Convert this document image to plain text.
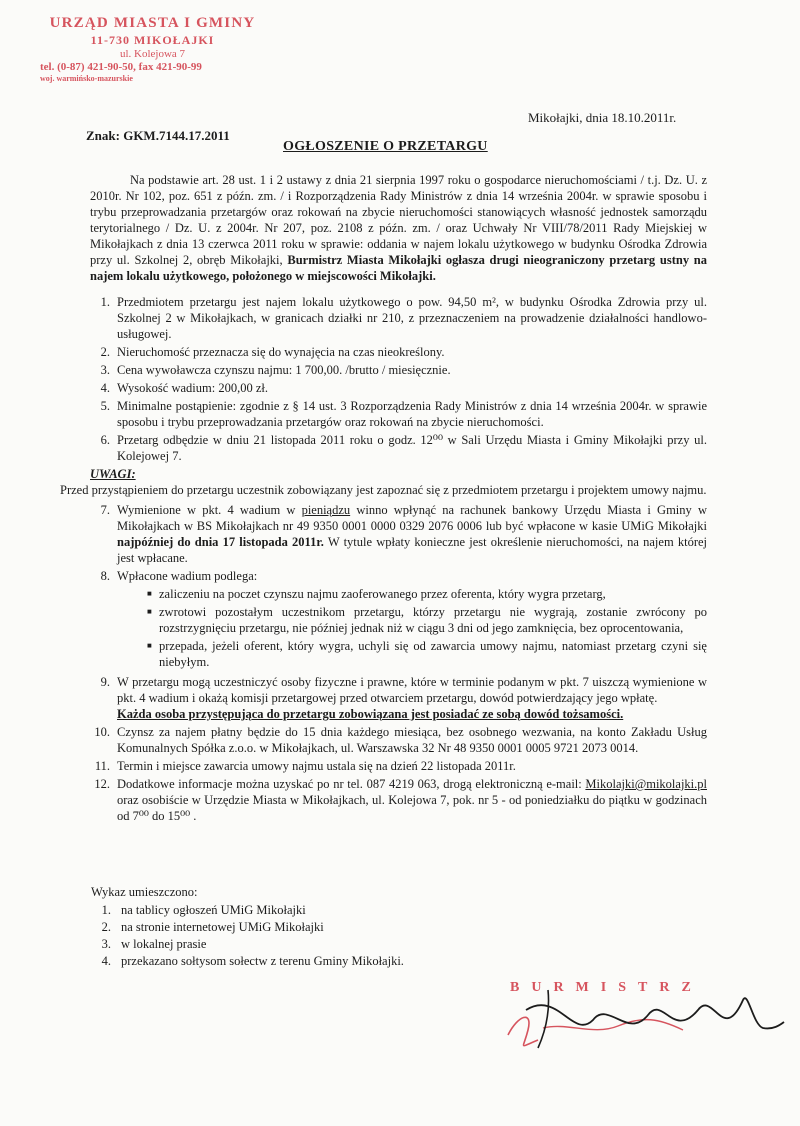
URZĄD MIASTA I GMINY
11-730 MIKOŁAJKI
ul. Kolejowa 7
tel. (0-87) 421-90-50, fax 421-90-99
woj. warmińsko-mazurskie
Mikołajki, dnia 18.10.2011r.
Znak: GKM.7144.17.2011
OGŁOSZENIE O PRZETARGU

Na podstawie art. 28 ust. 1 i 2 ustawy z dnia 21 sierpnia 1997 roku o gospodarce nieruchomościami / t.j. Dz. U. z 2010r. Nr 102, poz. 651 z późn. zm. / i Rozporządzenia Rady Ministrów z dnia 14 września 2004r. w sprawie sposobu i trybu przeprowadzania przetargów oraz rokowań na zbycie nieruchomości stanowiących własność jednostek samorządu terytorialnego / Dz. U. z 2004r. Nr 207, poz. 2108 z późn. zm. / oraz Uchwały Nr VIII/78/2011 Rady Miejskiej w Mikołajkach z dnia 13 czerwca 2011 roku w sprawie: oddania w najem lokalu użytkowego w budynku Ośrodka Zdrowia przy ul. Szkolnej 2, obręb Mikołajki, Burmistrz Miasta Mikołajki ogłasza drugi nieograniczony przetarg ustny na najem lokalu użytkowego, położonego w miejscowości Mikołajki.

1. Przedmiotem przetargu jest najem lokalu użytkowego o pow. 94,50 m², w budynku Ośrodka Zdrowia przy ul. Szkolnej 2 w Mikołajkach, w granicach działki nr 210, z przeznaczeniem na prowadzenie działalności handlowo-usługowej.
2. Nieruchomość przeznacza się do wynajęcia na czas nieokreślony.
3. Cena wywoławcza czynszu najmu: 1 700,00. /brutto / miesięcznie.
4. Wysokość wadium: 200,00 zł.
5. Minimalne postąpienie: zgodnie z § 14 ust. 3 Rozporządzenia Rady Ministrów z dnia 14 września 2004r. w sprawie sposobu i trybu przeprowadzania przetargów oraz rokowań na zbycie nieruchomości.
6. Przetarg odbędzie w dniu 21 listopada 2011 roku o godz. 12⁰⁰ w Sali Urzędu Miasta i Gminy Mikołajki przy ul. Kolejowej 7.
UWAGI:
Przed przystąpieniem do przetargu uczestnik zobowiązany jest zapoznać się z przedmiotem przetargu i projektem umowy najmu.
7. Wymienione w pkt. 4 wadium w pieniądzu winno wpłynąć na rachunek bankowy Urzędu Miasta i Gminy w Mikołajkach w BS Mikołajkach nr 49 9350 0001 0000 0329 2076 0006 lub być wpłacone w kasie UMiG Mikołajki najpóźniej do dnia 17 listopada 2011r. W tytule wpłaty konieczne jest określenie nieruchomości, na najem której jest wpłacane.
8. Wpłacone wadium podlega:
■ zaliczeniu na poczet czynszu najmu zaoferowanego przez oferenta, który wygra przetarg,
■ zwrotowi pozostałym uczestnikom przetargu, którzy przetargu nie wygrają, zostanie zwrócony po rozstrzygnięciu przetargu, nie później jednak niż w ciągu 3 dni od jego zamknięcia, bez oprocentowania,
■ przepada, jeżeli oferent, który wygra, uchyli się od zawarcia umowy najmu, natomiast przetarg czyni się niebyłym.
9. W przetargu mogą uczestniczyć osoby fizyczne i prawne, które w terminie podanym w pkt. 7 uiszczą wymienione w pkt. 4 wadium i okażą komisji przetargowej przed otwarciem przetargu, dowód potwierdzający jego wpłatę.
Każda osoba przystępująca do przetargu zobowiązana jest posiadać ze sobą dowód tożsamości.
10. Czynsz za najem płatny będzie do 15 dnia każdego miesiąca, bez osobnego wezwania, na konto Zakładu Usług Komunalnych Spółka z.o.o. w Mikołajkach, ul. Warszawska 32 Nr 48 9350 0001 0005 9721 2073 0014.
11. Termin i miejsce zawarcia umowy najmu ustala się na dzień 22 listopada 2011r.
12. Dodatkowe informacje można uzyskać po nr tel. 087 4219 063, drogą elektroniczną e-mail: Mikolajki@mikolajki.pl oraz osobiście w Urzędzie Miasta w Mikołajkach, ul. Kolejowa 7, pok. nr 5 - od poniedziałku do piątku w godzinach od 7⁰⁰ do 15⁰⁰ .
Wykaz umieszczono:
1. na tablicy ogłoszeń UMiG Mikołajki
2. na stronie internetowej UMiG Mikołajki
3. w lokalnej prasie
4. przekazano sołtysom sołectw z terenu Gminy Mikołajki.
BURMISTRZ
